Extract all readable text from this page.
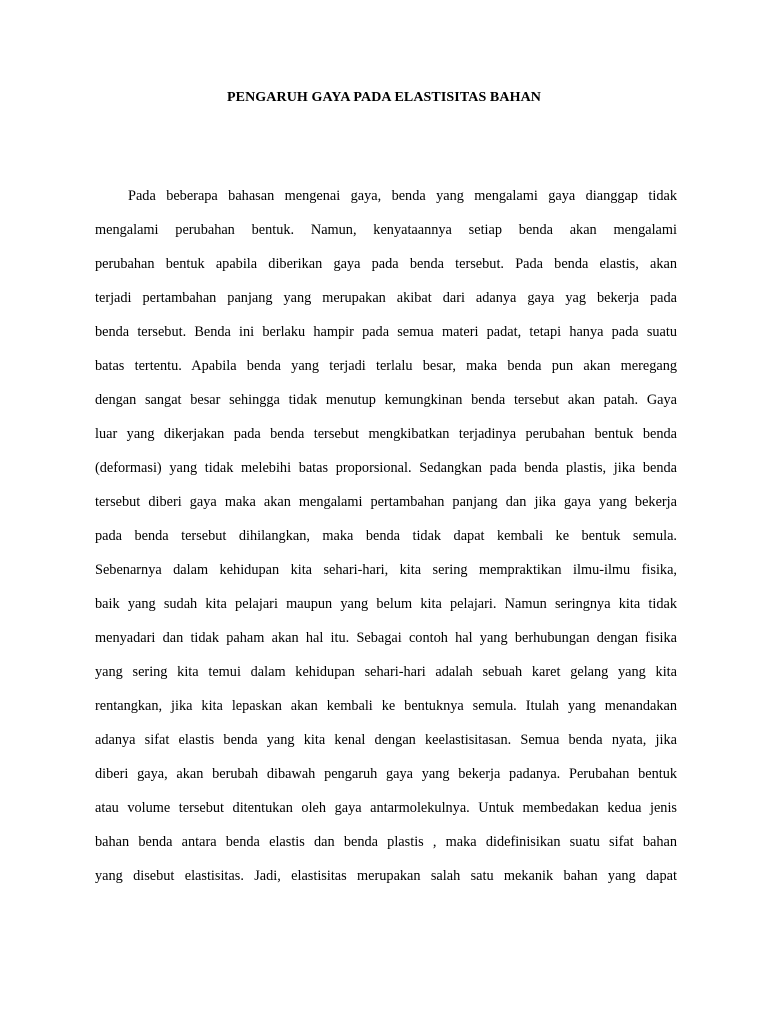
PENGARUH GAYA PADA ELASTISITAS BAHAN
Pada beberapa bahasan mengenai gaya, benda yang mengalami gaya dianggap tidak
mengalami perubahan bentuk. Namun, kenyataannya setiap benda akan mengalami
perubahan bentuk apabila diberikan gaya pada benda tersebut. Pada benda elastis, akan
terjadi pertambahan panjang yang merupakan akibat dari adanya gaya yag bekerja pada
benda tersebut. Benda ini berlaku hampir pada semua materi padat, tetapi hanya pada suatu
batas tertentu. Apabila benda yang terjadi terlalu besar, maka benda pun akan meregang
dengan sangat besar sehingga tidak menutup kemungkinan benda tersebut akan patah. Gaya
luar yang dikerjakan pada benda tersebut mengkibatkan terjadinya perubahan bentuk benda
(deformasi) yang tidak melebihi batas proporsional. Sedangkan pada benda plastis, jika benda
tersebut diberi gaya maka akan mengalami pertambahan panjang dan jika gaya yang bekerja
pada benda tersebut dihilangkan, maka benda tidak dapat kembali ke bentuk semula.
Sebenarnya dalam kehidupan kita sehari-hari, kita sering mempraktikan ilmu-ilmu fisika,
baik yang sudah kita pelajari maupun yang belum kita pelajari. Namun seringnya kita tidak
menyadari dan tidak paham akan hal itu. Sebagai contoh hal yang berhubungan dengan fisika
yang sering kita temui dalam kehidupan sehari-hari adalah sebuah karet gelang yang kita
rentangkan, jika kita lepaskan akan kembali ke bentuknya semula. Itulah yang menandakan
adanya sifat elastis benda yang kita kenal dengan keelastisitasan. Semua benda nyata, jika
diberi gaya, akan berubah dibawah pengaruh gaya yang bekerja padanya. Perubahan bentuk
atau volume tersebut ditentukan oleh gaya antarmolekulnya. Untuk membedakan kedua jenis
bahan benda antara benda elastis dan benda plastis , maka didefinisikan suatu sifat bahan
yang disebut elastisitas. Jadi, elastisitas merupakan salah satu mekanik bahan yang dapat
